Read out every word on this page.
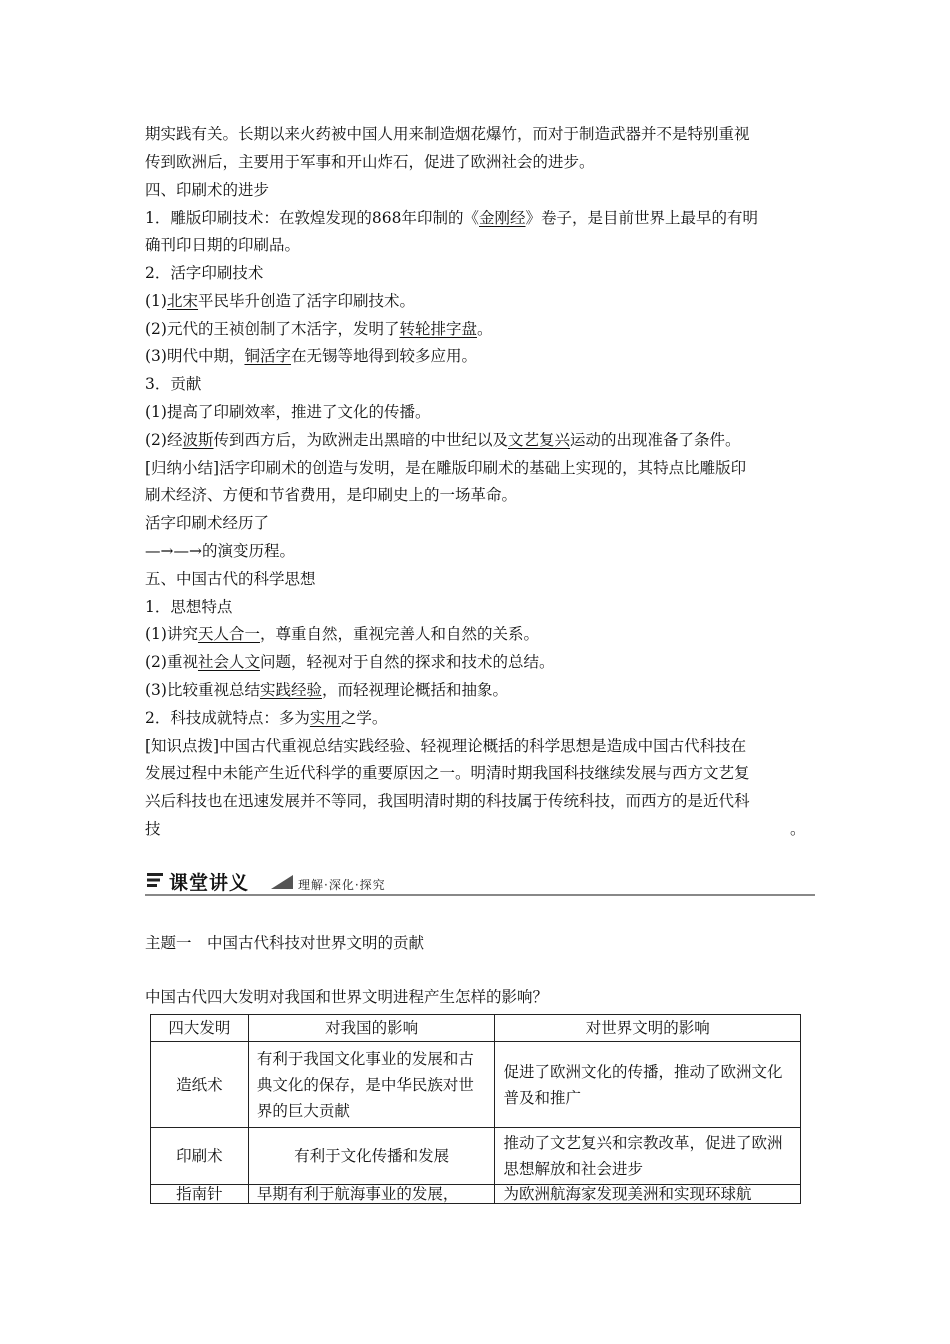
期实践有关。长期以来火药被中国人用来制造烟花爆竹，而对于制造武器并不是特别重视
传到欧洲后，主要用于军事和开山炸石，促进了欧洲社会的进步。
四、印刷术的进步
1．雕版印刷技术：在敦煌发现的868年印制的《金刚经》卷子，是目前世界上最早的有明
确刊印日期的印刷品。
2．活字印刷技术
(1)北宋平民毕升创造了活字印刷技术。
(2)元代的王祯创制了木活字，发明了转轮排字盘。
(3)明代中期，铜活字在无锡等地得到较多应用。
3．贡献
(1)提高了印刷效率，推进了文化的传播。
(2)经波斯传到西方后，为欧洲走出黑暗的中世纪以及文艺复兴运动的出现准备了条件。
[归纳小结]活字印刷术的创造与发明，是在雕版印刷术的基础上实现的，其特点比雕版印
刷术经济、方便和节省费用，是印刷史上的一场革命。
活字印刷术经历了
—→—→的演变历程。
五、中国古代的科学思想
1．思想特点
(1)讲究天人合一，尊重自然，重视完善人和自然的关系。
(2)重视社会人文问题，轻视对于自然的探求和技术的总结。
(3)比较重视总结实践经验，而轻视理论概括和抽象。
2．科技成就特点：多为实用之学。
[知识点拨]中国古代重视总结实践经验、轻视理论概括的科学思想是造成中国古代科技在
发展过程中未能产生近代科学的重要原因之一。明清时期我国科技继续发展与西方文艺复
兴后科技也在迅速发展并不等同，我国明清时期的科技属于传统科技，而西方的是近代科
技	。
课堂讲义	理解·深化·探究
主题一　中国古代科技对世界文明的贡献
中国古代四大发明对我国和世界文明进程产生怎样的影响？
四大发明	对我国的影响	对世界文明的影响
造纸术	有利于我国文化事业的发展和古典文化的保存，是中华民族对世界的巨大贡献	促进了欧洲文化的传播，推动了欧洲文化普及和推广
印刷术	有利于文化传播和发展	推动了文艺复兴和宗教改革，促进了欧洲思想解放和社会进步
指南针	早期有利于航海事业的发展，	为欧洲航海家发现美洲和实现环球航
